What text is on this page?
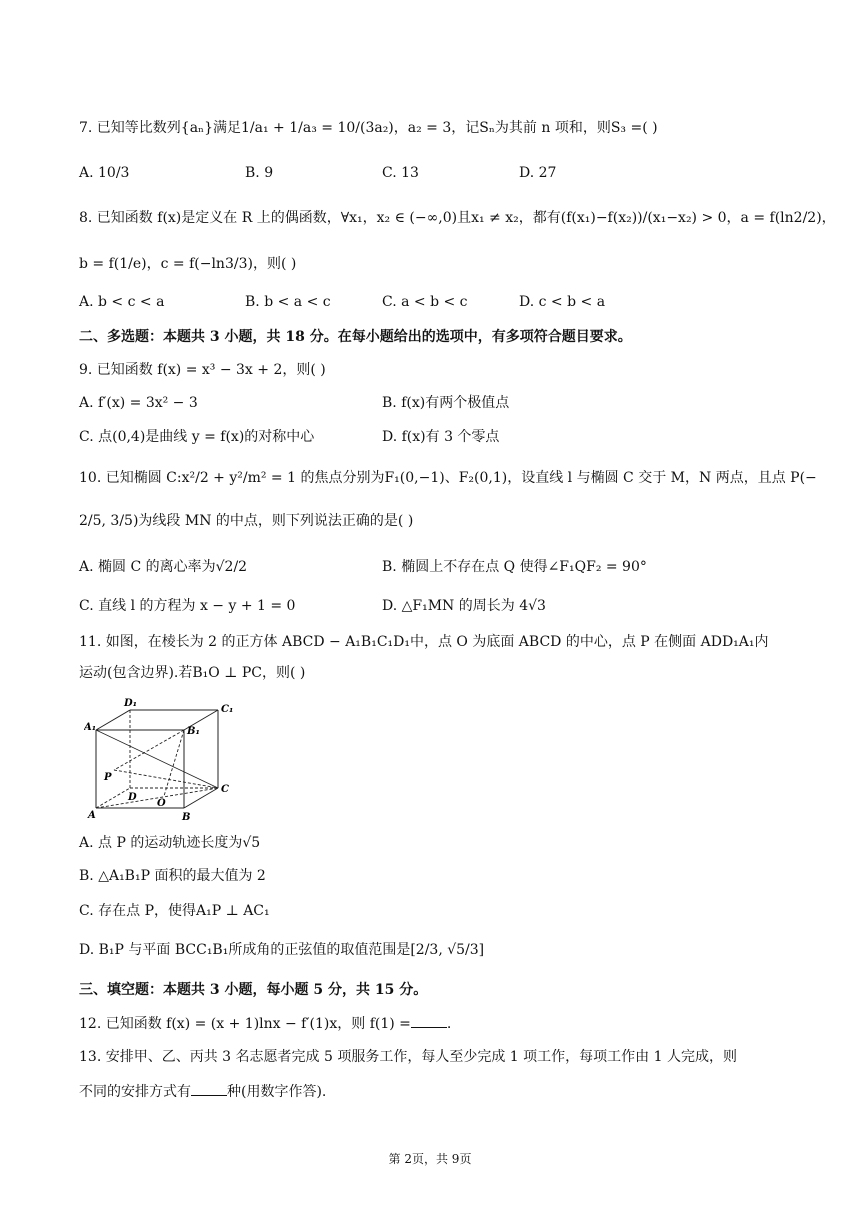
7. 已知等比数列{aₙ}满足1/a₁ + 1/a₃ = 10/(3a₂)，a₂ = 3，记Sₙ为其前 n 项和，则S₃ =( )
A. 10/3	B. 9	C. 13	D. 27
8. 已知函数 f(x)是定义在 R 上的偶函数，∀x₁，x₂ ∈ (−∞,0)且x₁ ≠ x₂，都有(f(x₁)−f(x₂))/(x₁−x₂) > 0，a = f(ln2/2)，
b = f(1/e)，c = f(−ln3/3)，则( )
A. b < c < a	B. b < a < c	C. a < b < c	D. c < b < a
二、多选题：本题共 3 小题，共 18 分。在每小题给出的选项中，有多项符合题目要求。
9. 已知函数 f(x) = x³ − 3x + 2，则( )
A. f′(x) = 3x² − 3	B. f(x)有两个极值点
C. 点(0,4)是曲线 y = f(x)的对称中心	D. f(x)有 3 个零点
10. 已知椭圆 C:x²/2 + y²/m² = 1 的焦点分别为F₁(0,−1)、F₂(0,1)，设直线 l 与椭圆 C 交于 M，N 两点，且点 P(−
2/5, 3/5)为线段 MN 的中点，则下列说法正确的是( )
A. 椭圆 C 的离心率为√2/2	B. 椭圆上不存在点 Q 使得∠F₁QF₂ = 90°
C. 直线 l 的方程为 x − y + 1 = 0	D. △F₁MN 的周长为 4√3
11. 如图，在棱长为 2 的正方体 ABCD − A₁B₁C₁D₁中，点 O 为底面 ABCD 的中心，点 P 在侧面 ADD₁A₁内
运动(包含边界).若B₁O ⊥ PC，则( )
D₁
C₁
A₁	B₁
P
D
C
A
O
B
A. 点 P 的运动轨迹长度为√5
B. △A₁B₁P 面积的最大值为 2
C. 存在点 P，使得A₁P ⊥ AC₁
D. B₁P 与平面 BCC₁B₁所成角的正弦值的取值范围是[2/3, √5/3]
三、填空题：本题共 3 小题，每小题 5 分，共 15 分。
12. 已知函数 f(x) = (x + 1)lnx − f′(1)x，则 f(1) =	.
13. 安排甲、乙、丙共 3 名志愿者完成 5 项服务工作，每人至少完成 1 项工作，每项工作由 1 人完成，则
不同的安排方式有	种(用数字作答).
第 2页，共 9页
